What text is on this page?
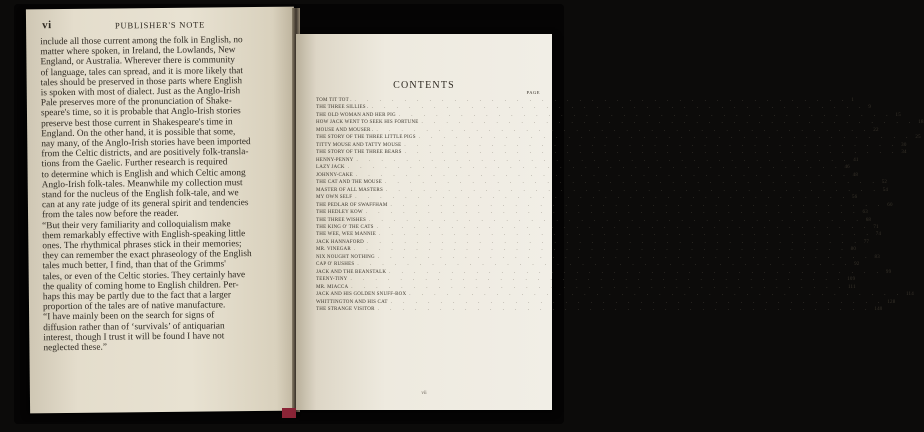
vi	PUBLISHER'S NOTE
include all those current among the folk in English, no
matter where spoken, in Ireland, the Lowlands, New
England, or Australia. Wherever there is community
of language, tales can spread, and it is more likely that
tales should be preserved in those parts where English
is spoken with most of dialect. Just as the Anglo-Irish
Pale preserves more of the pronunciation of Shake-
speare's time, so it is probable that Anglo-Irish stories
preserve best those current in Shakespeare's time in
England. On the other hand, it is possible that some,
nay many, of the Anglo-Irish stories have been imported
from the Celtic districts, and are positively folk-transla-
tions from the Gaelic. Further research is required
to determine which is English and which Celtic among
Anglo-Irish folk-tales. Meanwhile my collection must
stand for the nucleus of the English folk-tale, and we
can at any rate judge of its general spirit and tendencies
from the tales now before the reader.
“But their very familiarity and colloquialism make
them remarkably effective with English-speaking little
ones. The rhythmical phrases stick in their memories;
they can remember the exact phraseology of the English
tales much better, I find, than that of the Grimms'
tales, or even of the Celtic stories. They certainly have
the quality of coming home to English children. Per-
haps this may be partly due to the fact that a larger
proportion of the tales are of native manufacture.
“I have mainly been on the search for signs of
diffusion rather than of ‘survivals’ of antiquarian
interest, though I trust it will be found I have not
neglected these.”
CONTENTS
PAGE
TOM TIT TOT . . . . . . . . . . . . . . . . . . . . . . . . . . . . . . . . . . . . . . . . . 1
THE THREE SILLIES . . . . . . . . . . . . . . . . . . . . . . . . . . . . . . . . . . . . . . . . . 9
THE OLD WOMAN AND HER PIG . . . . . . . . . . . . . . . . . . . . . . . . . . . . . . . . . . . . . . . . 15
HOW JACK WENT TO SEEK HIS FORTUNE . . . . . . . . . . . . . . . . . . . . . . . . . . . . . . . . . . . . . . . . 18
MOUSE AND MOUSER . . . . . . . . . . . . . . . . . . . . . . . . . . . . . . . . . . . . . . . . . 22
THE STORY OF THE THREE LITTLE PIGS . . . . . . . . . . . . . . . . . . . . . . . . . . . . . . . . . . . . . . . . 25
TITTY MOUSE AND TATTY MOUSE . . . . . . . . . . . . . . . . . . . . . . . . . . . . . . . . . . . . . . . . 30
THE STORY OF THE THREE BEARS . . . . . . . . . . . . . . . . . . . . . . . . . . . . . . . . . . . . . . . . 34
HENNY-PENNY . . . . . . . . . . . . . . . . . . . . . . . . . . . . . . . . . . . . . . . . 41
LAZY JACK . . . . . . . . . . . . . . . . . . . . . . . . . . . . . . . . . . . . . . . . 46
JOHNNY-CAKE . . . . . . . . . . . . . . . . . . . . . . . . . . . . . . . . . . . . . . . . 48
THE CAT AND THE MOUSE . . . . . . . . . . . . . . . . . . . . . . . . . . . . . . . . . . . . . . . . 52
MASTER OF ALL MASTERS . . . . . . . . . . . . . . . . . . . . . . . . . . . . . . . . . . . . . . . . 54
MY OWN SELF . . . . . . . . . . . . . . . . . . . . . . . . . . . . . . . . . . . . . . . . 56
THE PEDLAR OF SWAFFHAM . . . . . . . . . . . . . . . . . . . . . . . . . . . . . . . . . . . . . . . . 60
THE HEDLEY KOW . . . . . . . . . . . . . . . . . . . . . . . . . . . . . . . . . . . . . . . . 63
THE THREE WISHES . . . . . . . . . . . . . . . . . . . . . . . . . . . . . . . . . . . . . . . . 68
THE KING O' THE CATS . . . . . . . . . . . . . . . . . . . . . . . . . . . . . . . . . . . . . . . . 71
THE WEE, WEE MANNIE . . . . . . . . . . . . . . . . . . . . . . . . . . . . . . . . . . . . . . . . 74
JACK HANNAFORD . . . . . . . . . . . . . . . . . . . . . . . . . . . . . . . . . . . . . . . . 77
MR. VINEGAR . . . . . . . . . . . . . . . . . . . . . . . . . . . . . . . . . . . . . . . . 80
NIX NOUGHT NOTHING . . . . . . . . . . . . . . . . . . . . . . . . . . . . . . . . . . . . . . . . 83
CAP O' RUSHES . . . . . . . . . . . . . . . . . . . . . . . . . . . . . . . . . . . . . . . . 92
JACK AND THE BEANSTALK . . . . . . . . . . . . . . . . . . . . . . . . . . . . . . . . . . . . . . . . 99
TEENY-TINY . . . . . . . . . . . . . . . . . . . . . . . . . . . . . . . . . . . . . . . . 109
MR. MIACCA . . . . . . . . . . . . . . . . . . . . . . . . . . . . . . . . . . . . . . . . 111
JACK AND HIS GOLDEN SNUFF-BOX . . . . . . . . . . . . . . . . . . . . . . . . . . . . . . . . . . . . . . . . 114
WHITTINGTON AND HIS CAT . . . . . . . . . . . . . . . . . . . . . . . . . . . . . . . . . . . . . . . . 128
THE STRANGE VISITOR . . . . . . . . . . . . . . . . . . . . . . . . . . . . . . . . . . . . . . . . 140
vii
